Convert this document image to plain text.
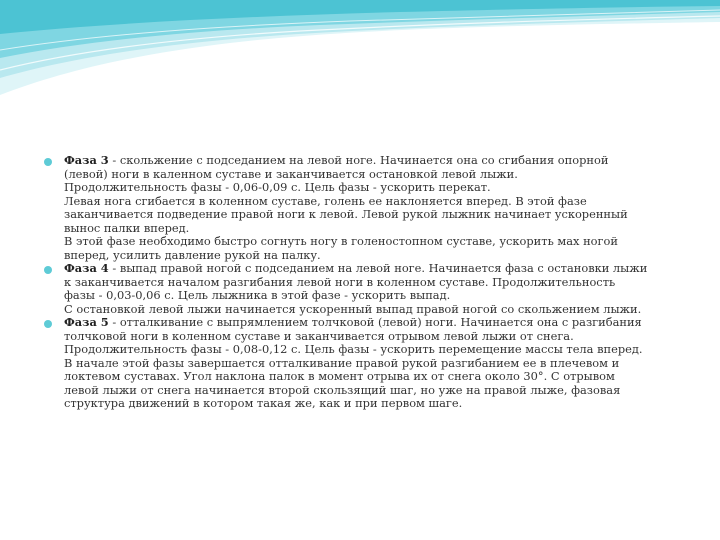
Фаза 3 - скольжение с подседанием на левой ноге. Начинается она со сгибания опорной
(левой) ноги в каленном суставе и заканчивается остановкой левой лыжи.
Продолжительность фазы - 0,06-0,09 с. Цель фазы - ускорить перекат.
Левая нога сгибается в коленном суставе, голень ее наклоняется вперед. В этой фазе
заканчивается подведение правой ноги к левой. Левой рукой лыжник начинает ускоренный
вынос палки вперед.
В этой фазе необходимо быстро согнуть ногу в голеностопном суставе, ускорить мах ногой
вперед, усилить давление рукой на палку.
Фаза 4 - выпад правой ногой с подседанием на левой ноге. Начинается фаза с остановки лыжи
к заканчивается началом разгибания левой ноги в коленном суставе. Продолжительность
фазы - 0,03-0,06 с. Цель лыжника в этой фазе - ускорить выпад.
С остановкой левой лыжи начинается ускоренный выпад правой ногой со скольжением лыжи.
Фаза 5 - отталкивание с выпрямлением толчковой (левой) ноги. Начинается она с разгибания
толчковой ноги в коленном суставе и заканчивается отрывом левой лыжи от снега.
Продолжительность фазы - 0,08-0,12 с. Цель фазы - ускорить перемещение массы тела вперед.
В начале этой фазы завершается отталкивание правой рукой разгибанием ее в плечевом и
локтевом суставах. Угол наклона палок в момент отрыва их от снега около 30°. С отрывом
левой лыжи от снега начинается второй скользящий шаг, но уже на правой лыже, фазовая
структура движений в котором такая же, как и при первом шаге.
